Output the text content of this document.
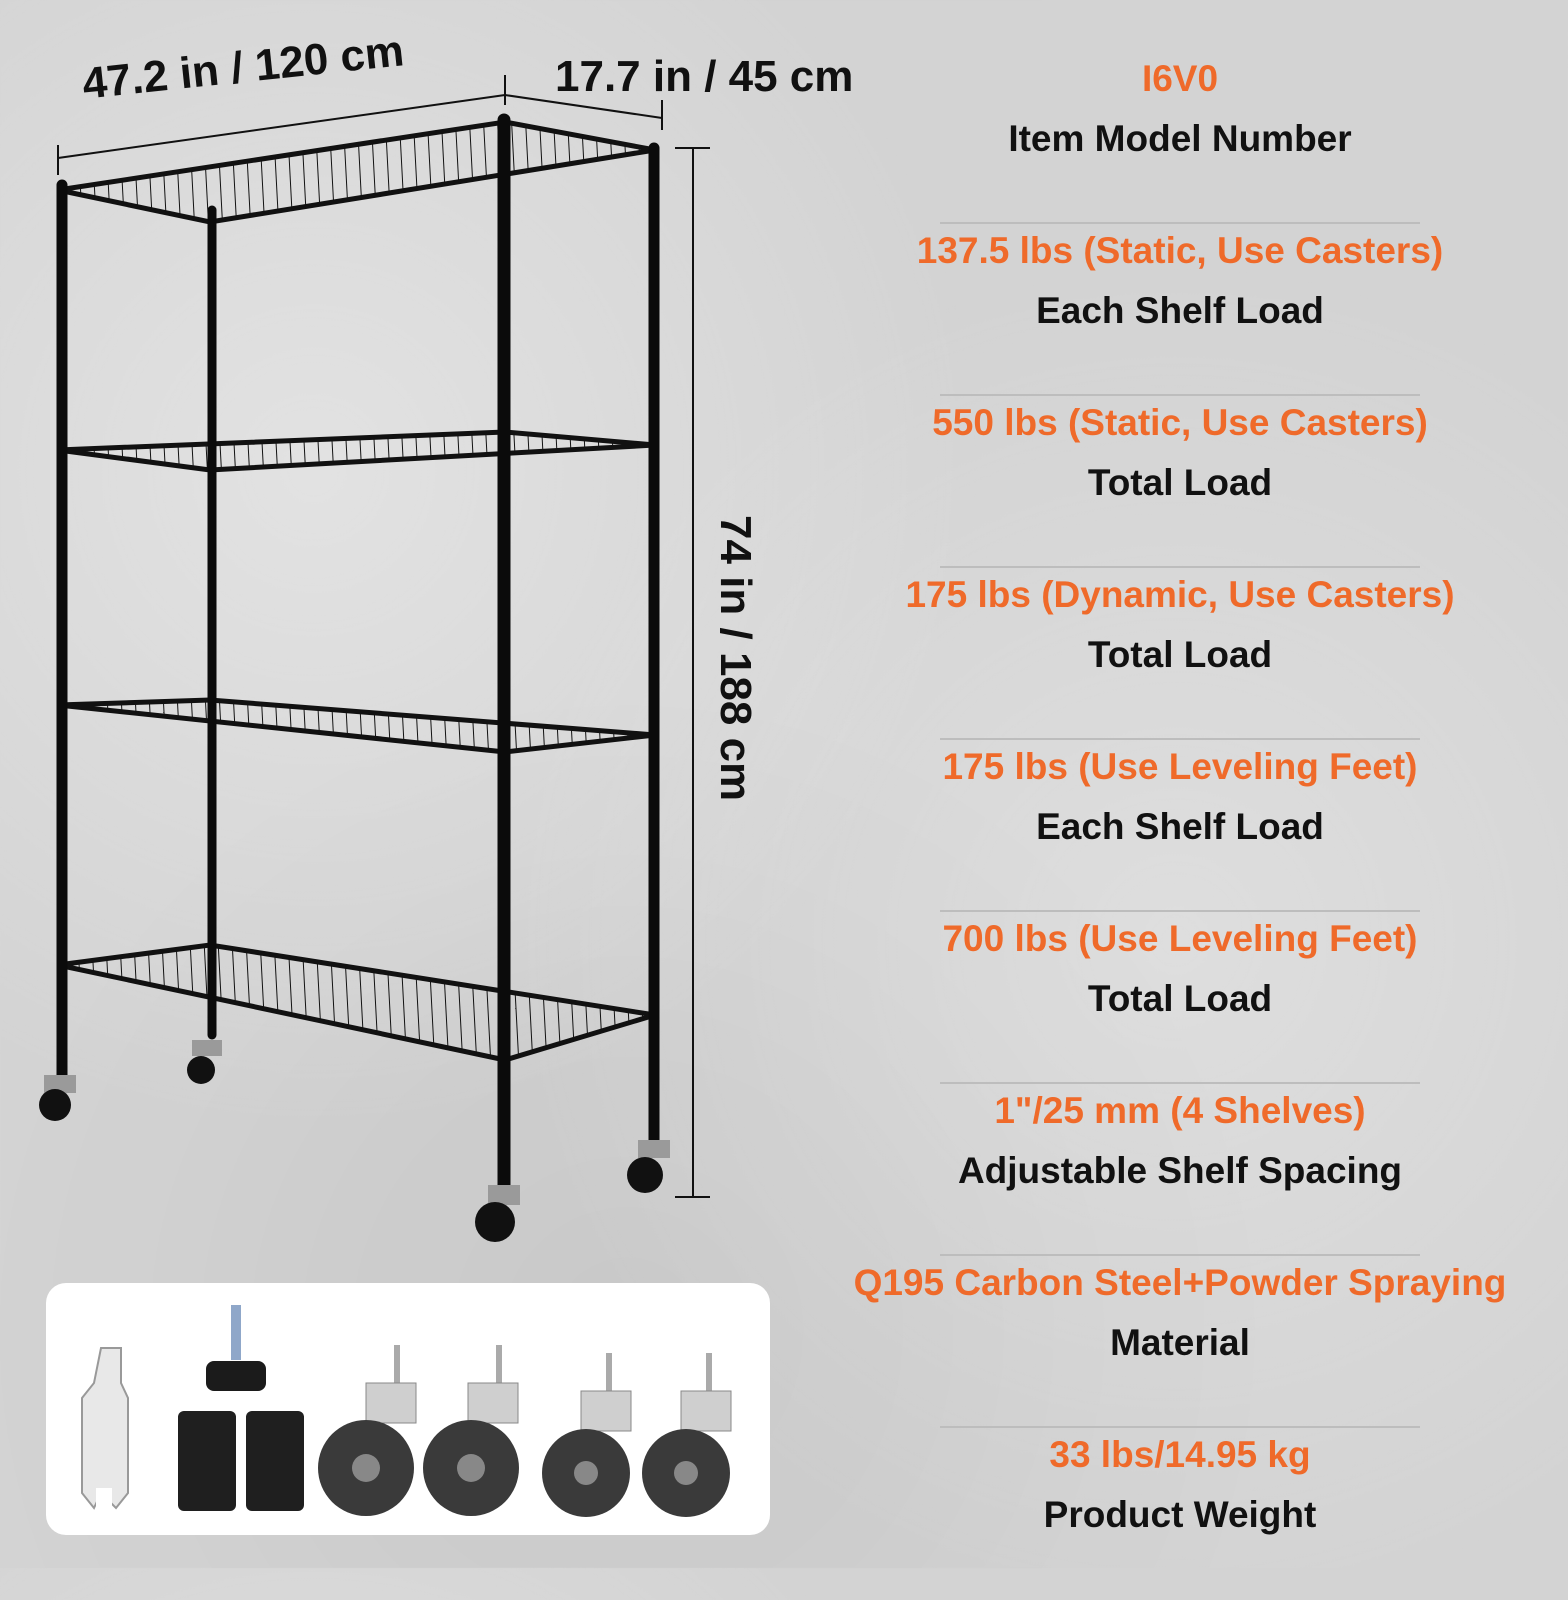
47.2 in / 120 cm	17.7 in / 45 cm
74 in / 188 cm
I6V0
Item Model Number
137.5 lbs (Static, Use Casters)
Each Shelf Load
550 lbs (Static, Use Casters)
Total Load
175 lbs (Dynamic, Use Casters)
Total Load
175 lbs (Use Leveling Feet)
Each Shelf Load
700 lbs (Use Leveling Feet)
Total Load
1"/25 mm (4 Shelves)
Adjustable Shelf Spacing
Q195 Carbon Steel+Powder Spraying
Material
33 lbs/14.95 kg
Product Weight
